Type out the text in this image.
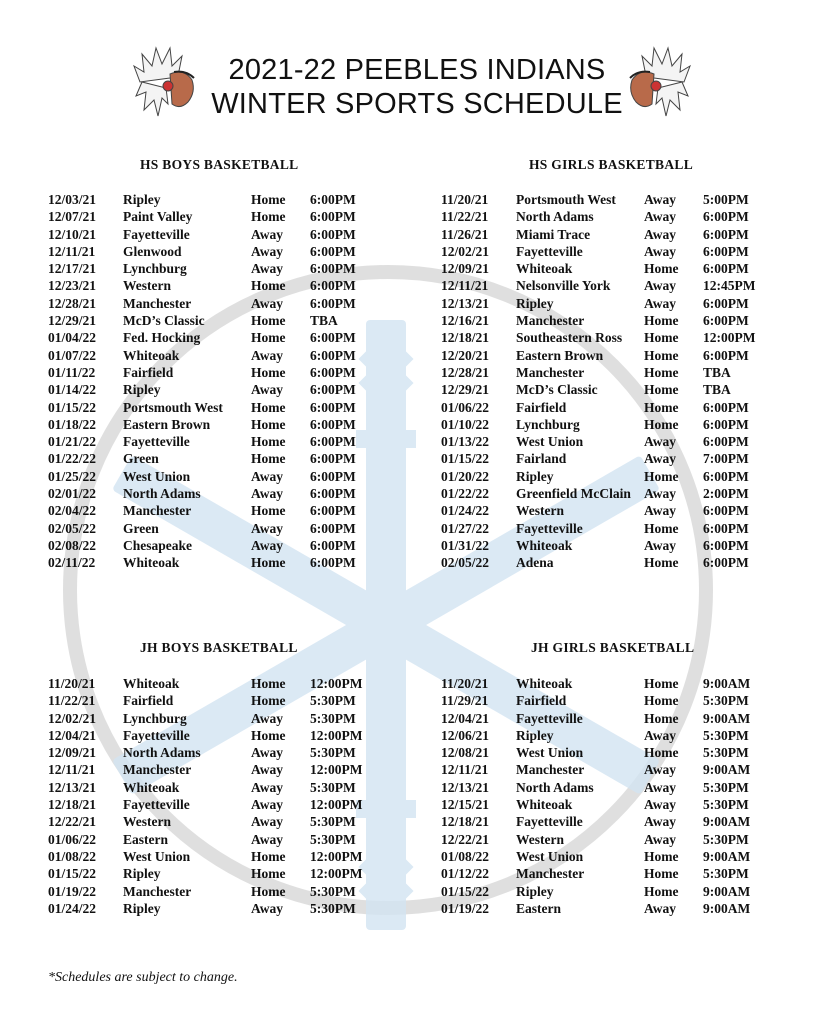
2021-22 PEEBLES INDIANS
WINTER SPORTS SCHEDULE
HS BOYS BASKETBALL
12/03/21 Ripley	Home 6:00PM
12/07/21 Paint Valley	Home 6:00PM
12/10/21 Fayetteville	Away 6:00PM
12/11/21 Glenwood	Away 6:00PM
12/17/21 Lynchburg	Away 6:00PM
12/23/21 Western	Home 6:00PM
12/28/21 Manchester	Away 6:00PM
12/29/21 McD’s Classic	Home TBA
01/04/22 Fed. Hocking	Home 6:00PM
01/07/22 Whiteoak	Away 6:00PM
01/11/22 Fairfield	Home 6:00PM
01/14/22 Ripley	Away 6:00PM
01/15/22 Portsmouth West Home 6:00PM
01/18/22 Eastern Brown	Home 6:00PM
01/21/22 Fayetteville	Home 6:00PM
01/22/22 Green	Home 6:00PM
01/25/22 West Union	Away 6:00PM
02/01/22 North Adams	Away 6:00PM
02/04/22 Manchester	Home 6:00PM
02/05/22 Green	Away 6:00PM
02/08/22 Chesapeake	Away 6:00PM
02/11/22 Whiteoak	Home 6:00PM
HS GIRLS BASKETBALL
11/20/21 Portsmouth West Away 5:00PM
11/22/21 North Adams	Away 6:00PM
11/26/21 Miami Trace	Away 6:00PM
12/02/21 Fayetteville	Away 6:00PM
12/09/21 Whiteoak	Home 6:00PM
12/11/21 Nelsonville York Away 12:45PM
12/13/21 Ripley	Away 6:00PM
12/16/21 Manchester	Home 6:00PM
12/18/21 Southeastern Ross Home 12:00PM
12/20/21 Eastern Brown	Home 6:00PM
12/28/21 Manchester	Home TBA
12/29/21 McD’s Classic	Home TBA
01/06/22 Fairfield	Home 6:00PM
01/10/22 Lynchburg	Home 6:00PM
01/13/22 West Union	Away 6:00PM
01/15/22 Fairland	Away 7:00PM
01/20/22 Ripley	Home 6:00PM
01/22/22 Greenfield McClain Away 2:00PM
01/24/22 Western	Away 6:00PM
01/27/22 Fayetteville	Home 6:00PM
01/31/22 Whiteoak	Away 6:00PM
02/05/22 Adena	Home 6:00PM
JH BOYS BASKETBALL
11/20/21 Whiteoak	Home 12:00PM
11/22/21 Fairfield	Home 5:30PM
12/02/21 Lynchburg	Away 5:30PM
12/04/21 Fayetteville	Home 12:00PM
12/09/21 North Adams	Away 5:30PM
12/11/21 Manchester	Away 12:00PM
12/13/21 Whiteoak	Away 5:30PM
12/18/21 Fayetteville	Away 12:00PM
12/22/21 Western	Away 5:30PM
01/06/22 Eastern	Away 5:30PM
01/08/22 West Union	Home 12:00PM
01/15/22 Ripley	Home 12:00PM
01/19/22 Manchester	Home 5:30PM
01/24/22 Ripley	Away 5:30PM
JH GIRLS BASKETBALL
11/20/21 Whiteoak	Home 9:00AM
11/29/21 Fairfield	Home 5:30PM
12/04/21 Fayetteville	Home 9:00AM
12/06/21 Ripley	Away 5:30PM
12/08/21 West Union	Home 5:30PM
12/11/21 Manchester	Away 9:00AM
12/13/21 North Adams	Away 5:30PM
12/15/21 Whiteoak	Away 5:30PM
12/18/21 Fayetteville	Away 9:00AM
12/22/21 Western	Away 5:30PM
01/08/22 West Union	Home 9:00AM
01/12/22 Manchester	Home 5:30PM
01/15/22 Ripley	Home 9:00AM
01/19/22 Eastern	Away 9:00AM
*Schedules are subject to change.
